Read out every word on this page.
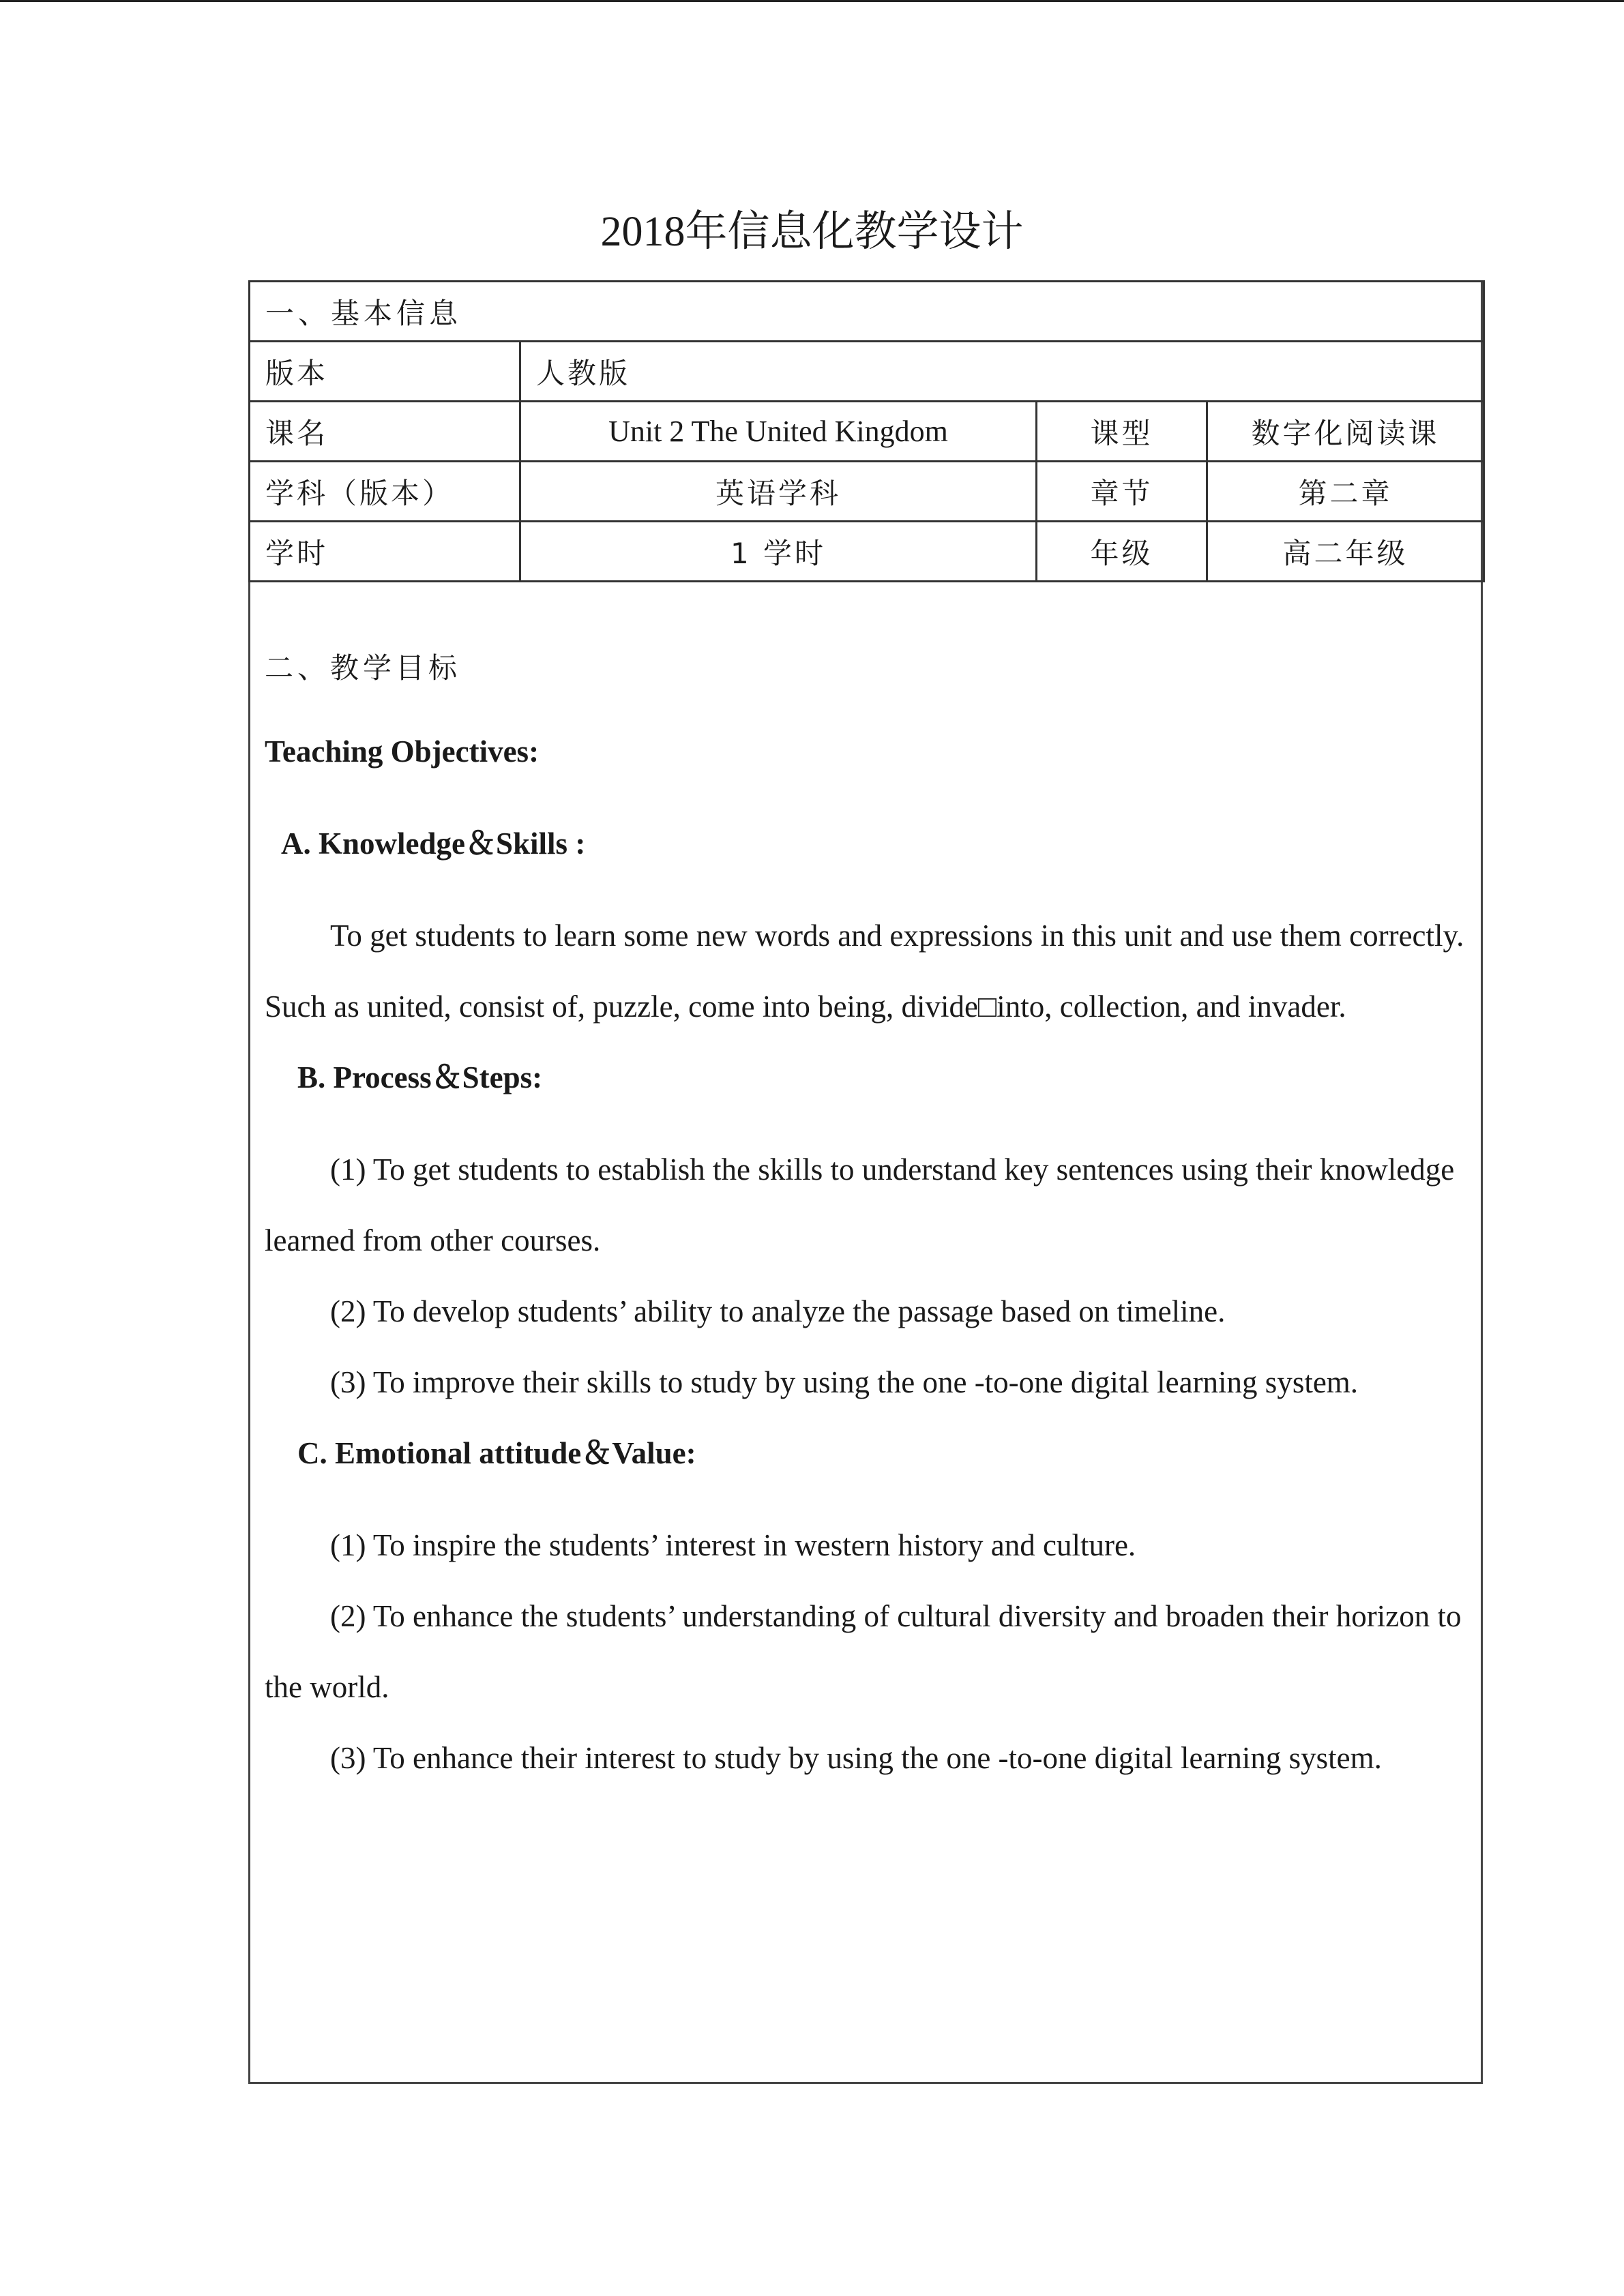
2018年信息化教学设计
一、基本信息			
版本	人教版		
课名	Unit 2 The United Kingdom	课型	数字化阅读课
学科（版本）	英语学科	章节	第二章
学时	1 学时	年级	高二年级

二、教学目标

Teaching Objectives:

A. Knowledge＆Skills :

To get students to learn some new words and expressions in this unit and use them correctly. Such as united, consist of, puzzle, come into being, divide□into, collection, and invader.

B. Process＆Steps:

(1) To get students to establish the skills to understand key sentences using their knowledge learned from other courses.

(2) To develop students’ ability to analyze the passage based on timeline.

(3) To improve their skills to study by using the one -to-one digital learning system.

C. Emotional attitude＆Value:

(1) To inspire the students’ interest in western history and culture.

(2) To enhance the students’ understanding of cultural diversity and broaden their horizon to the world.

(3) To enhance their interest to study by using the one -to-one digital learning system.
